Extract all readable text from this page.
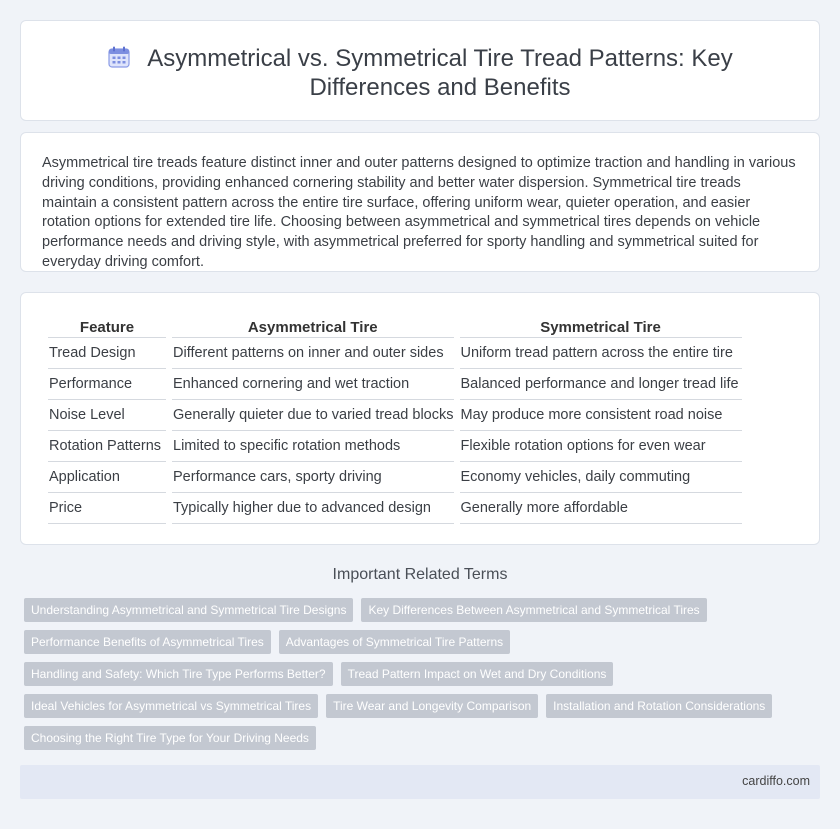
Asymmetrical vs. Symmetrical Tire Tread Patterns: Key Differences and Benefits

Asymmetrical tire treads feature distinct inner and outer patterns designed to optimize traction and handling in various driving conditions, providing enhanced cornering stability and better water dispersion. Symmetrical tire treads maintain a consistent pattern across the entire tire surface, offering uniform wear, quieter operation, and easier rotation options for extended tire life. Choosing between asymmetrical and symmetrical tires depends on vehicle performance needs and driving style, with asymmetrical preferred for sporty handling and symmetrical suited for everyday driving comfort.

Feature	Asymmetrical Tire	Symmetrical Tire
Tread Design	Different patterns on inner and outer sides	Uniform tread pattern across the entire tire
Performance	Enhanced cornering and wet traction	Balanced performance and longer tread life
Noise Level	Generally quieter due to varied tread blocks	May produce more consistent road noise
Rotation Patterns	Limited to specific rotation methods	Flexible rotation options for even wear
Application	Performance cars, sporty driving	Economy vehicles, daily commuting
Price	Typically higher due to advanced design	Generally more affordable
Important Related Terms
Understanding Asymmetrical and Symmetrical Tire Designs	Key Differences Between Asymmetrical and Symmetrical Tires
Performance Benefits of Asymmetrical Tires	Advantages of Symmetrical Tire Patterns
Handling and Safety: Which Tire Type Performs Better?	Tread Pattern Impact on Wet and Dry Conditions
Ideal Vehicles for Asymmetrical vs Symmetrical Tires	Tire Wear and Longevity Comparison	Installation and Rotation Considerations
Choosing the Right Tire Type for Your Driving Needs
cardiffo.com
